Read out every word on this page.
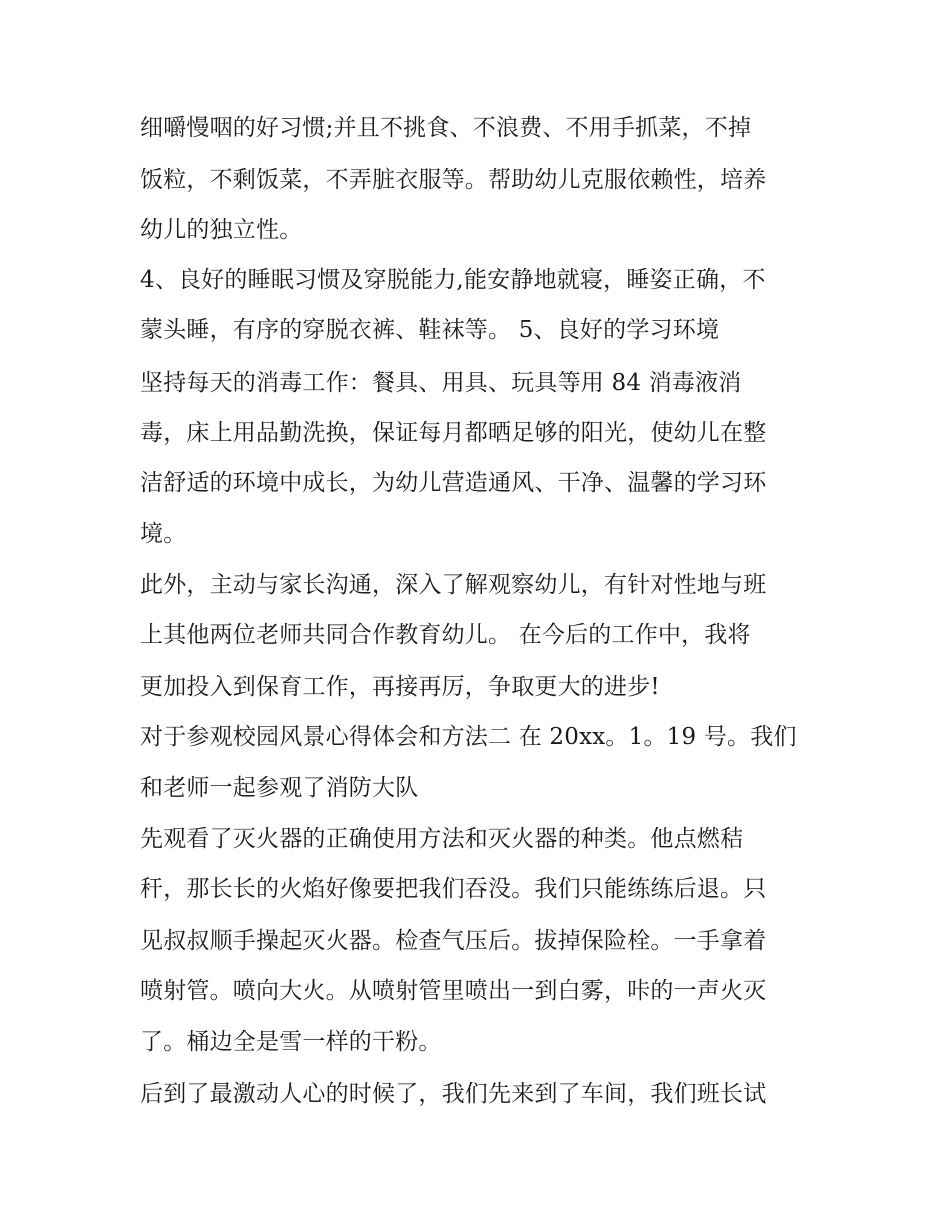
细嚼慢咽的好习惯;并且不挑食、不浪费、不用手抓菜，不掉
饭粒，不剩饭菜，不弄脏衣服等。帮助幼儿克服依赖性，培养
幼儿的独立性。
4、良好的睡眠习惯及穿脱能力,能安静地就寝，睡姿正确，不
蒙头睡，有序的穿脱衣裤、鞋袜等。 5、良好的学习环境
坚持每天的消毒工作：餐具、用具、玩具等用 84 消毒液消
毒，床上用品勤洗换，保证每月都晒足够的阳光，使幼儿在整
洁舒适的环境中成长，为幼儿营造通风、干净、温馨的学习环
境。
此外，主动与家长沟通，深入了解观察幼儿，有针对性地与班
上其他两位老师共同合作教育幼儿。 在今后的工作中，我将
更加投入到保育工作，再接再厉，争取更大的进步!
对于参观校园风景心得体会和方法二 在 20xx。1。19 号。我们
和老师一起参观了消防大队
先观看了灭火器的正确使用方法和灭火器的种类。他点燃秸
秆，那长长的火焰好像要把我们吞没。我们只能练练后退。只
见叔叔顺手操起灭火器。检查气压后。拔掉保险栓。一手拿着
喷射管。喷向大火。从喷射管里喷出一到白雾，咔的一声火灭
了。桶边全是雪一样的干粉。
后到了最激动人心的时候了，我们先来到了车间，我们班长试
